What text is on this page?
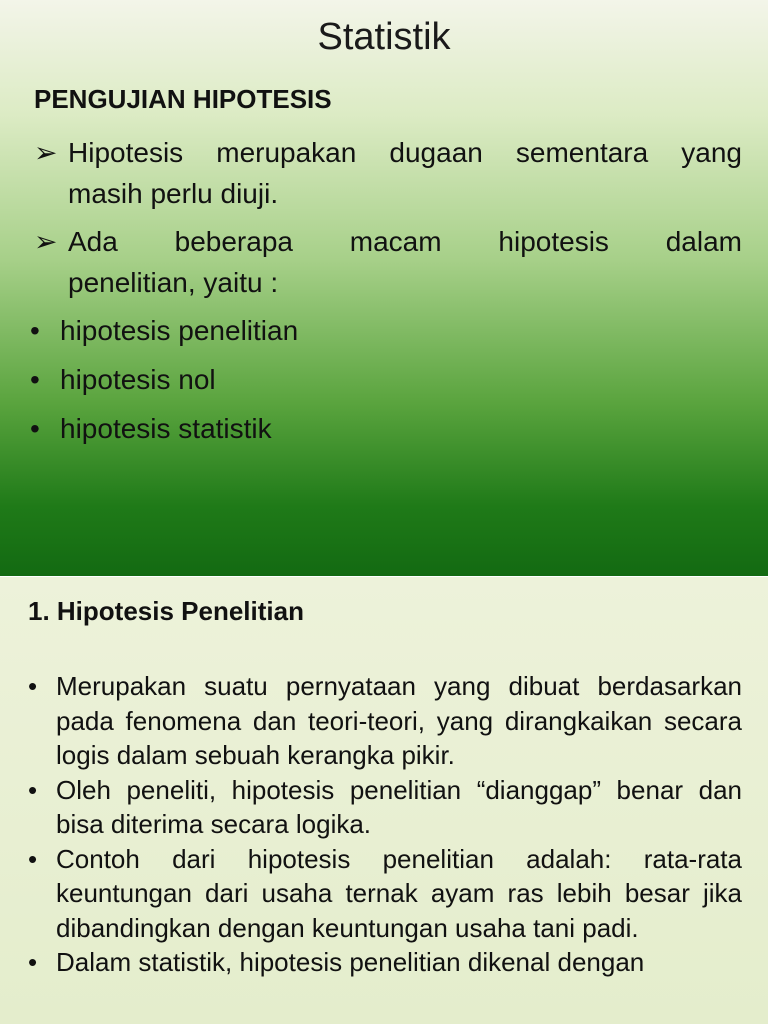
Statistik
PENGUJIAN HIPOTESIS
➢ Hipotesis merupakan dugaan sementara yang
masih perlu diuji.
➢ Ada beberapa macam hipotesis dalam
penelitian, yaitu :
• hipotesis penelitian
• hipotesis nol
• hipotesis statistik
1. Hipotesis Penelitian
• Merupakan suatu pernyataan yang dibuat berdasarkan pada fenomena dan teori-teori, yang dirangkaikan secara logis dalam sebuah kerangka pikir.
• Oleh peneliti, hipotesis penelitian “dianggap” benar dan bisa diterima secara logika.
• Contoh dari hipotesis penelitian adalah: rata-rata keuntungan dari usaha ternak ayam ras lebih besar jika dibandingkan dengan keuntungan usaha tani padi.
• Dalam statistik, hipotesis penelitian dikenal dengan
